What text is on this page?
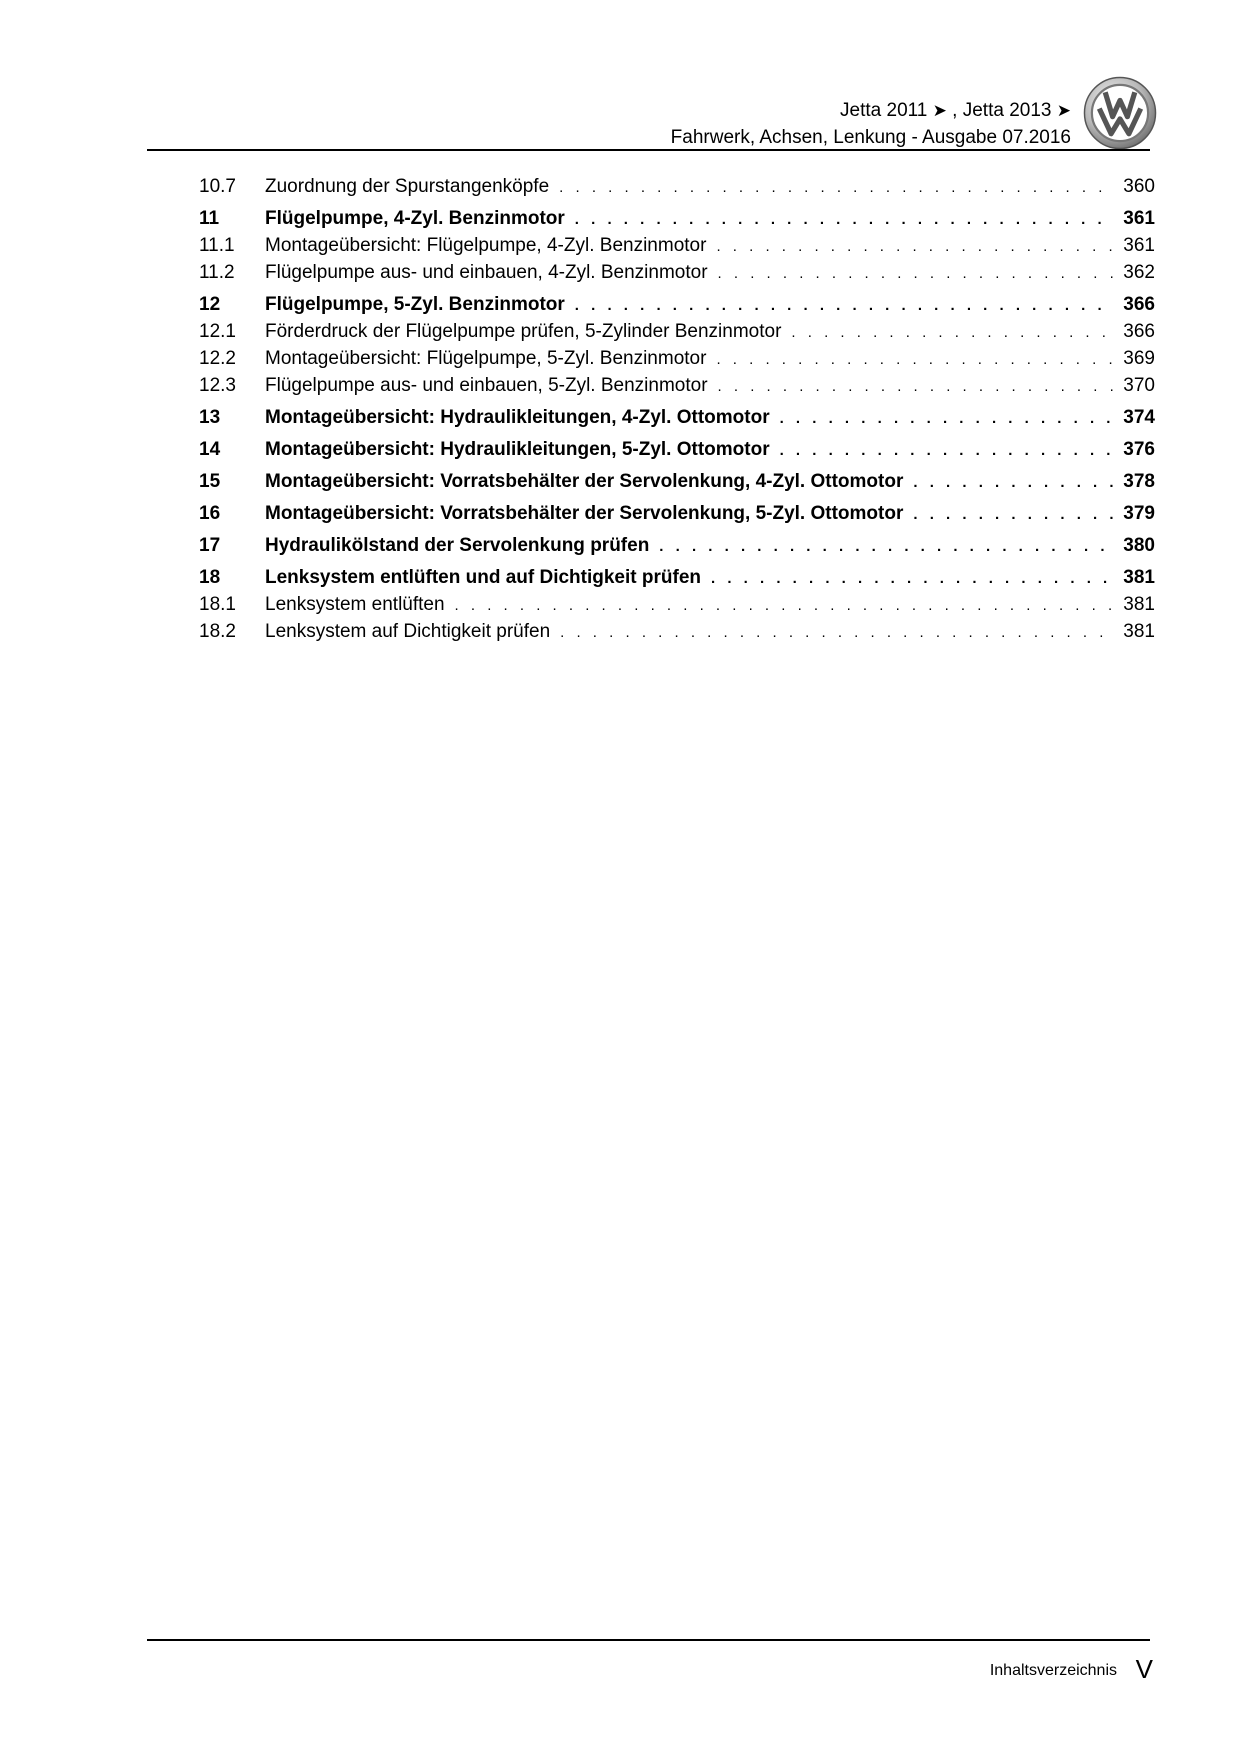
Jetta 2011 ➤ , Jetta 2013 ➤
Fahrwerk, Achsen, Lenkung - Ausgabe 07.2016
10.7	Zuordnung der Spurstangenköpfe . . .	360
11	Flügelpumpe, 4-Zyl. Benzinmotor . . .	361
11.1	Montageübersicht: Flügelpumpe, 4-Zyl. Benzinmotor . . .	361
11.2	Flügelpumpe aus- und einbauen, 4-Zyl. Benzinmotor . . .	362
12	Flügelpumpe, 5-Zyl. Benzinmotor . . .	366
12.1	Förderdruck der Flügelpumpe prüfen, 5-Zylinder Benzinmotor . . .	366
12.2	Montageübersicht: Flügelpumpe, 5-Zyl. Benzinmotor . . .	369
12.3	Flügelpumpe aus- und einbauen, 5-Zyl. Benzinmotor . . .	370
13	Montageübersicht: Hydraulikleitungen, 4-Zyl. Ottomotor . . .	374
14	Montageübersicht: Hydraulikleitungen, 5-Zyl. Ottomotor . . .	376
15	Montageübersicht: Vorratsbehälter der Servolenkung, 4-Zyl. Ottomotor . . .	378
16	Montageübersicht: Vorratsbehälter der Servolenkung, 5-Zyl. Ottomotor . . .	379
17	Hydraulikölstand der Servolenkung prüfen . . .	380
18	Lenksystem entlüften und auf Dichtigkeit prüfen . . .	381
18.1	Lenksystem entlüften . . .	381
18.2	Lenksystem auf Dichtigkeit prüfen . . .	381
Inhaltsverzeichnis V
